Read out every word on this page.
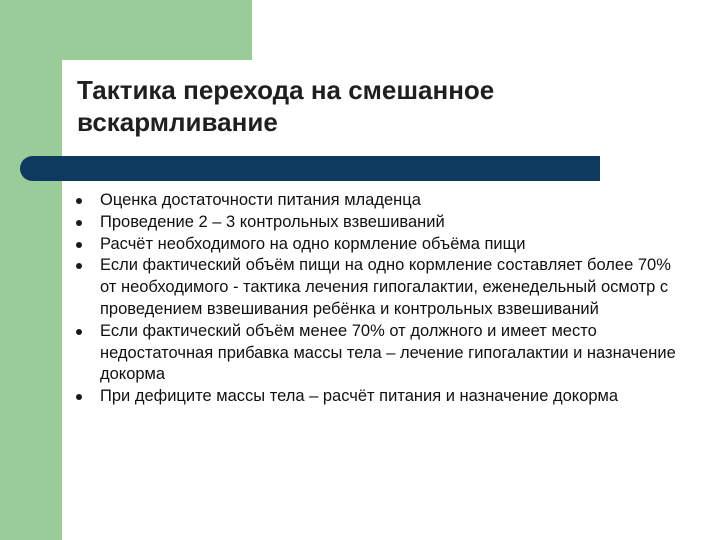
Тактика перехода на смешанное вскармливание
Оценка достаточности питания младенца
Проведение 2 – 3 контрольных взвешиваний
Расчёт необходимого на одно кормление объёма пищи
Если фактический объём пищи на одно кормление составляет более 70% от необходимого - тактика лечения гипогалактии, еженедельный осмотр с проведением взвешивания ребёнка и контрольных взвешиваний
Если фактический объём менее 70% от должного и имеет место недостаточная прибавка массы тела – лечение гипогалактии и назначение докорма
При дефиците массы тела – расчёт питания и назначение докорма
